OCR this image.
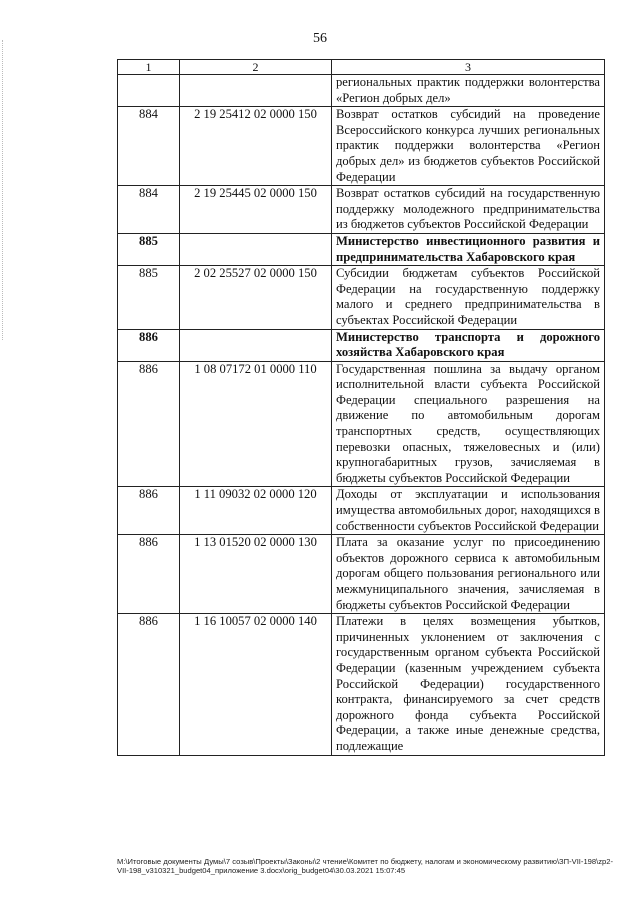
56
1	2	3
		региональных практик поддержки волонтерства «Регион добрых дел»
884	2 19 25412 02 0000 150	Возврат остатков субсидий на проведение Всероссийского конкурса лучших региональных практик поддержки волонтерства «Регион добрых дел» из бюджетов субъектов Российской Федерации
884	2 19 25445 02 0000 150	Возврат остатков субсидий на государственную поддержку молодежного предпринимательства из бюджетов субъектов Российской Федерации
885		Министерство инвестиционного развития и предпринимательства Хабаровского края
885	2 02 25527 02 0000 150	Субсидии бюджетам субъектов Российской Федерации на государственную поддержку малого и среднего предпринимательства в субъектах Российской Федерации
886		Министерство транспорта и дорожного хозяйства Хабаровского края
886	1 08 07172 01 0000 110	Государственная пошлина за выдачу органом исполнительной власти субъекта Российской Федерации специального разрешения на движение по автомобильным дорогам транспортных средств, осуществляющих перевозки опасных, тяжеловесных и (или) крупногабаритных грузов, зачисляемая в бюджеты субъектов Российской Федерации
886	1 11 09032 02 0000 120	Доходы от эксплуатации и использования имущества автомобильных дорог, находящихся в собственности субъектов Российской Федерации
886	1 13 01520 02 0000 130	Плата за оказание услуг по присоединению объектов дорожного сервиса к автомобильным дорогам общего пользования регионального или межмуниципального значения, зачисляемая в бюджеты субъектов Российской Федерации
886	1 16 10057 02 0000 140	Платежи в целях возмещения убытков, причиненных уклонением от заключения с государственным органом субъекта Российской Федерации (казенным учреждением субъекта Российской Федерации) государственного контракта, финансируемого за счет средств дорожного фонда субъекта Российской Федерации, а также иные денежные средства, подлежащие
M:\Итоговые документы Думы\7 созыв\Проекты\Законы\2 чтение\Комитет по бюджету, налогам и экономическому развитию\ЗП-VII-198\zp2-VII-198_v310321_budget04_приложение 3.docx\orig_budget04\30.03.2021 15:07:45
